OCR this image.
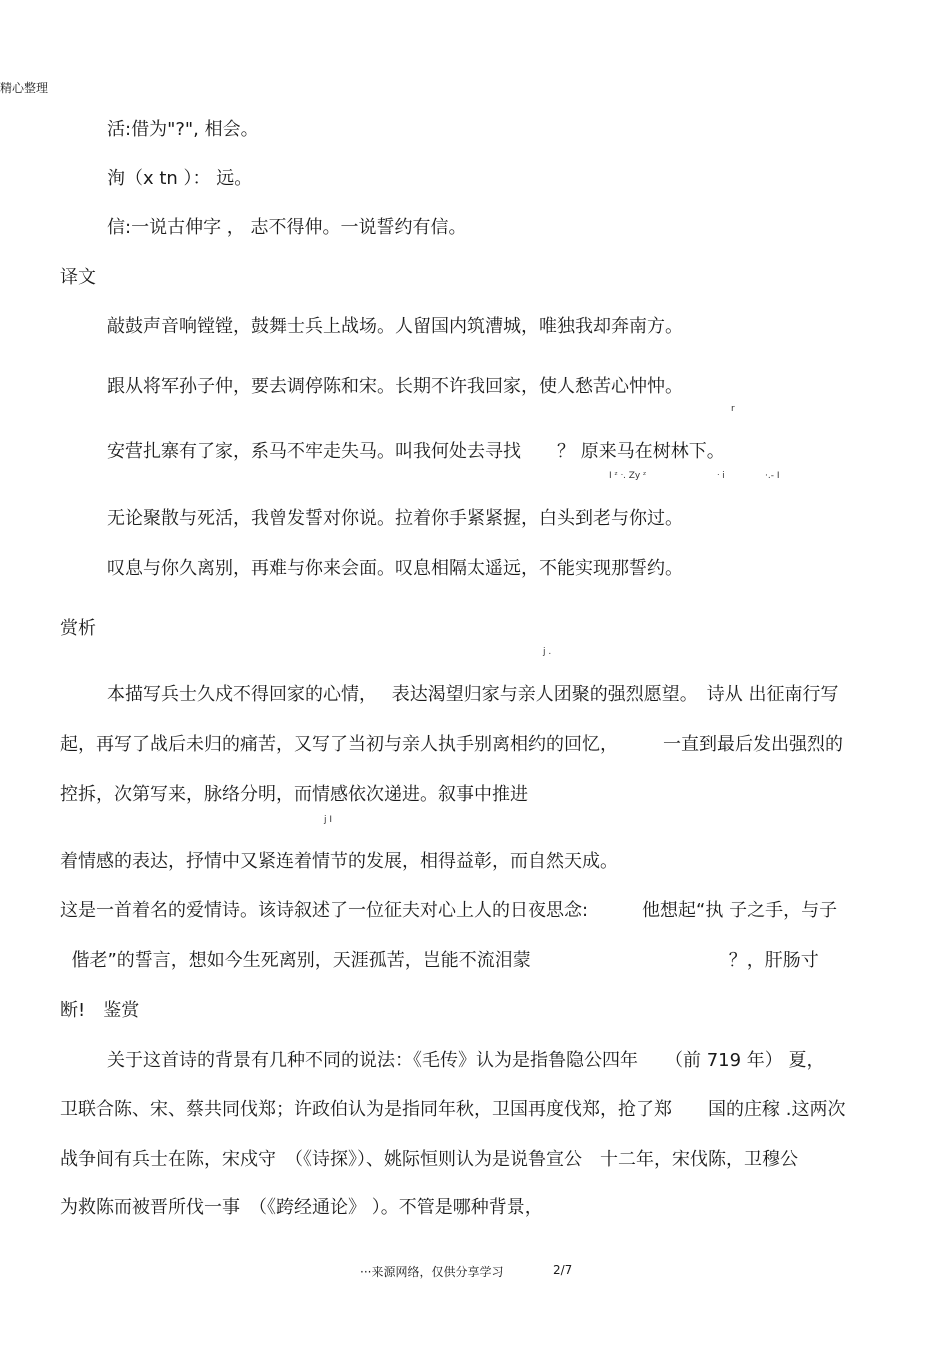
精心整理
活:借为"?", 相会。
洵（x tn ）： 远。
信:一说古伸字 ， 志不得伸。一说誓约有信。
译文
敲鼓声音响镗镗，鼓舞士兵上战场。人留国内筑漕城，唯独我却奔南方。
跟从将军孙子仲，要去调停陈和宋。长期不许我回家，使人愁苦心忡忡。
r
安营扎寨有了家，系马不牢走失马。叫我何处去寻找　　？ 原来马在树林下。
I ᶻ ᐧ. Zy ᶻ	ᐧ i	·.- I
无论聚散与死活，我曾发誓对你说。拉着你手紧紧握，白头到老与你过。
叹息与你久离别，再难与你来会面。叹息相隔太遥远，不能实现那誓约。
赏析
j .
本描写兵士久戍不得回家的心情，　 表达渴望归家与亲人团聚的强烈愿望。　诗从 出征南行写
起，再写了战后未归的痛苦，又写了当初与亲人执手别离相约的回忆，　　　一直到最后发出强烈的
控拆，次第写来，脉络分明，而情感依次递进。叙事中推进
j I
着情感的表达，抒情中又紧连着情节的发展，相得益彰，而自然天成。
这是一首着名的爱情诗。该诗叙述了一位征夫对心上人的日夜思念:　　　他想起“执 子之手，与子
偕老”的誓言，想如今生死离别，天涯孤苦，岂能不流泪蒙　　　　　　　　　　　？，肝肠寸
断!　鉴赏
关于这首诗的背景有几种不同的说法：《毛传》认为是指鲁隐公四年　　（前 719 年） 夏，
卫联合陈、宋、蔡共同伐郑；许政伯认为是指同年秋，卫国再度伐郑，抢了郑　　国的庄稼 .这两次
战争间有兵士在陈，宋戍守　（《诗探》）、姚际恒则认为是说鲁宣公　十二年，宋伐陈，卫穆公
为救陈而被晋所伐一事　（《跨经通论》 ）。不管是哪种背景，
···来源网络，仅供分享学习	2/7
